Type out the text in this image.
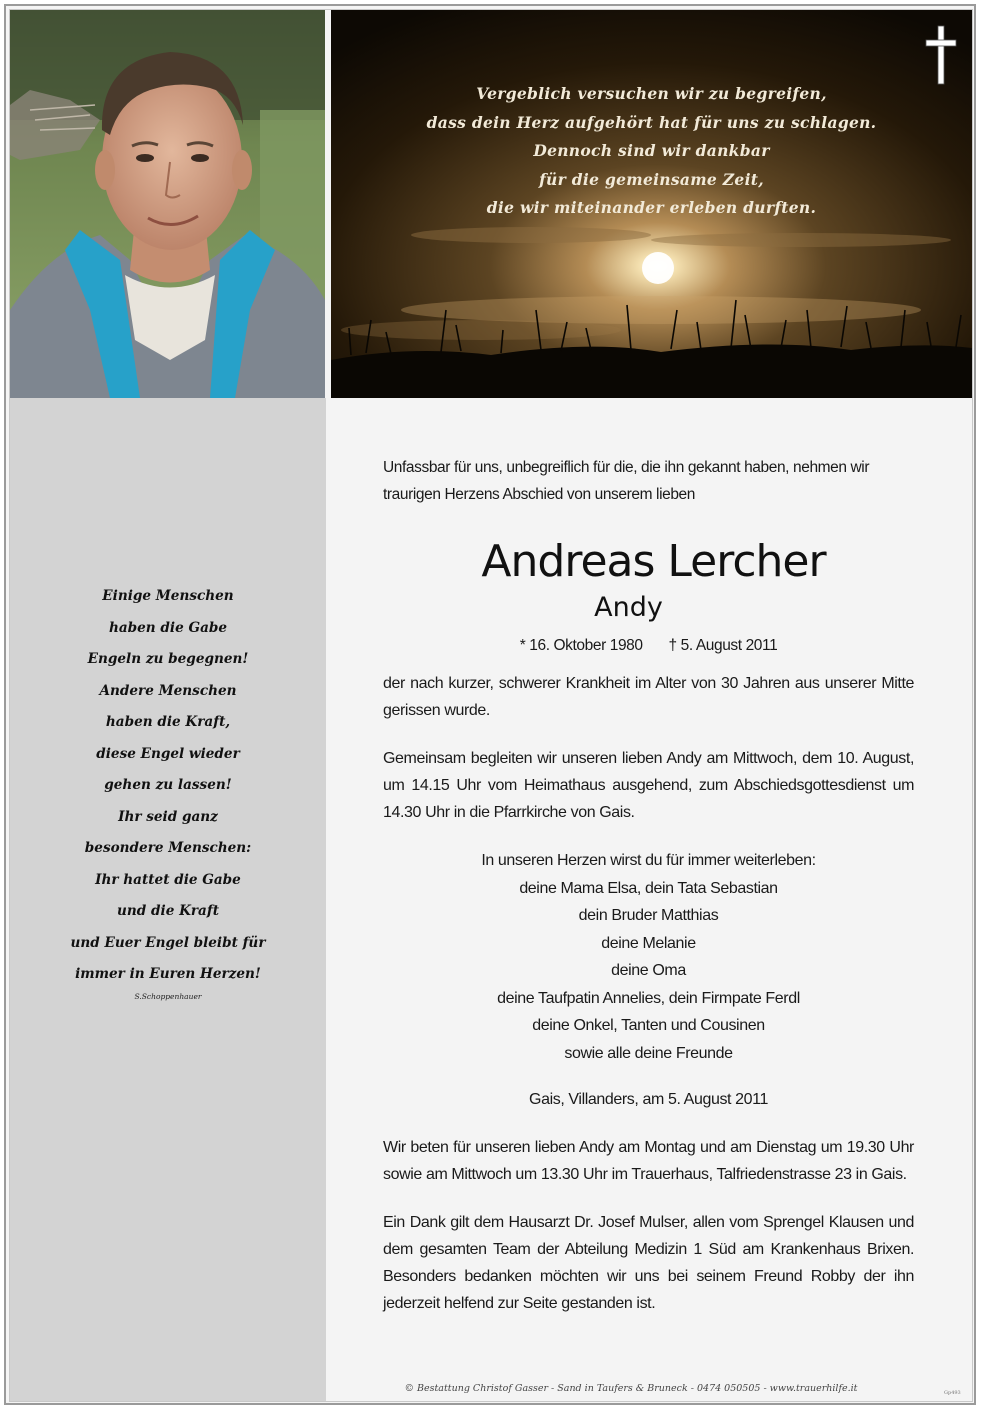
Vergeblich versuchen wir zu begreifen,
dass dein Herz aufgehört hat für uns zu schlagen.
Dennoch sind wir dankbar
für die gemeinsame Zeit,
die wir miteinander erleben durften.
Einige Menschen
haben die Gabe
Engeln zu begegnen!
Andere Menschen
haben die Kraft,
diese Engel wieder
gehen zu lassen!
Ihr seid ganz
besondere Menschen:
Ihr hattet die Gabe
und die Kraft
und Euer Engel bleibt für
immer in Euren Herzen!
S.Schoppenhauer
Unfassbar für uns, unbegreiflich für die, die ihn gekannt haben, nehmen wir traurigen Herzens Abschied von unserem lieben
Andreas Lercher
Andy
* 16. Oktober 1980 † 5. August 2011
der nach kurzer, schwerer Krankheit im Alter von 30 Jahren aus unserer Mitte gerissen wurde.
Gemeinsam begleiten wir unseren lieben Andy am Mittwoch, dem 10. August, um 14.15 Uhr vom Heimathaus ausgehend, zum Abschiedsgottesdienst um 14.30 Uhr in die Pfarrkirche von Gais.
In unseren Herzen wirst du für immer weiterleben:
deine Mama Elsa, dein Tata Sebastian
dein Bruder Matthias
deine Melanie
deine Oma
deine Taufpatin Annelies, dein Firmpate Ferdl
deine Onkel, Tanten und Cousinen
sowie alle deine Freunde
Gais, Villanders, am 5. August 2011
Wir beten für unseren lieben Andy am Montag und am Dienstag um 19.30 Uhr sowie am Mittwoch um 13.30 Uhr im Trauerhaus, Talfriedenstrasse 23 in Gais.
Ein Dank gilt dem Hausarzt Dr. Josef Mulser, allen vom Sprengel Klausen und dem gesamten Team der Abteilung Medizin 1 Süd am Krankenhaus Brixen. Besonders bedanken möchten wir uns bei seinem Freund Robby der ihn jederzeit helfend zur Seite gestanden ist.
© Bestattung Christof Gasser - Sand in Taufers & Bruneck - 0474 050505 - www.trauerhilfe.it	Gp493
